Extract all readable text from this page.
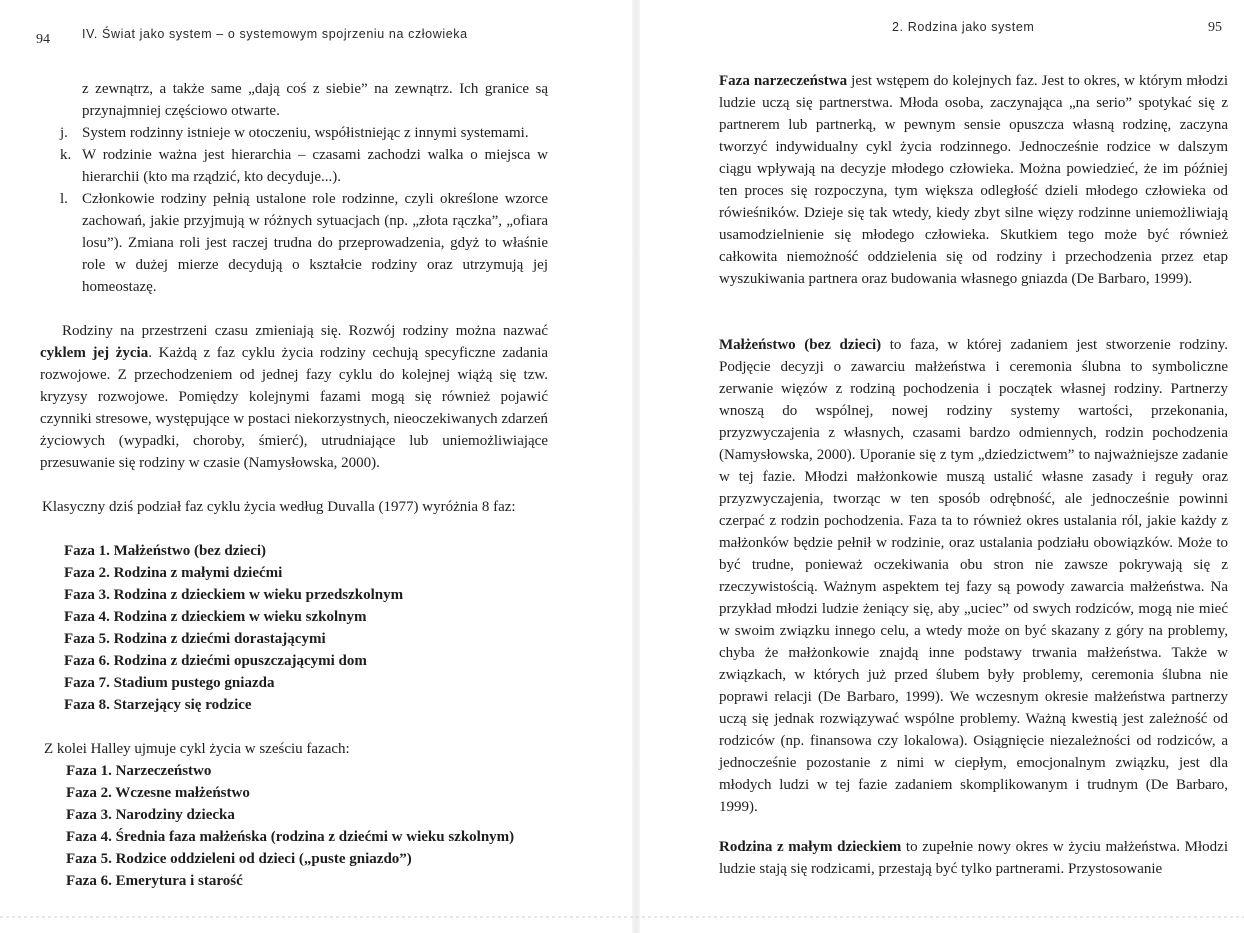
94	IV. Świat jako system – o systemowym spojrzeniu na człowieka
z zewnątrz, a także same „dają coś z siebie” na zewnątrz. Ich granice są przynajmniej częściowo otwarte.
j. System rodzinny istnieje w otoczeniu, współistniejąc z innymi systemami.
k. W rodzinie ważna jest hierarchia – czasami zachodzi walka o miejsca w hierarchii (kto ma rządzić, kto decyduje...).
l. Członkowie rodziny pełnią ustalone role rodzinne, czyli określone wzorce zachowań, jakie przyjmują w różnych sytuacjach (np. „złota rączka”, „ofiara losu”). Zmiana roli jest raczej trudna do przeprowadzenia, gdyż to właśnie role w dużej mierze decydują o kształcie rodziny oraz utrzymują jej homeostazę.

Rodziny na przestrzeni czasu zmieniają się. Rozwój rodziny można nazwać cyklem jej życia. Każdą z faz cyklu życia rodziny cechują specyficzne zadania rozwojowe. Z przechodzeniem od jednej fazy cyklu do kolejnej wiążą się tzw. kryzysy rozwojowe. Pomiędzy kolejnymi fazami mogą się również pojawić czynniki stresowe, występujące w postaci niekorzystnych, nieoczekiwanych zdarzeń życiowych (wypadki, choroby, śmierć), utrudniające lub uniemożliwiające przesuwanie się rodziny w czasie (Namysłowska, 2000).

Klasyczny dziś podział faz cyklu życia według Duvalla (1977) wyróżnia 8 faz:

Faza 1. Małżeństwo (bez dzieci)
Faza 2. Rodzina z małymi dziećmi
Faza 3. Rodzina z dzieckiem w wieku przedszkolnym
Faza 4. Rodzina z dzieckiem w wieku szkolnym
Faza 5. Rodzina z dziećmi dorastającymi
Faza 6. Rodzina z dziećmi opuszczającymi dom
Faza 7. Stadium pustego gniazda
Faza 8. Starzejący się rodzice

Z kolei Halley ujmuje cykl życia w sześciu fazach:

Faza 1. Narzeczeństwo
Faza 2. Wczesne małżeństwo
Faza 3. Narodziny dziecka
Faza 4. Średnia faza małżeńska (rodzina z dziećmi w wieku szkolnym)
Faza 5. Rodzice oddzieleni od dzieci („puste gniazdo”)
Faza 6. Emerytura i starość
2. Rodzina jako system	95

Faza narzeczeństwa jest wstępem do kolejnych faz. Jest to okres, w którym młodzi ludzie uczą się partnerstwa. Młoda osoba, zaczynająca „na serio” spotykać się z partnerem lub partnerką, w pewnym sensie opuszcza własną rodzinę, zaczyna tworzyć indywidualny cykl życia rodzinnego. Jednocześnie rodzice w dalszym ciągu wpływają na decyzje młodego człowieka. Można powiedzieć, że im później ten proces się rozpoczyna, tym większa odległość dzieli młodego człowieka od rówieśników. Dzieje się tak wtedy, kiedy zbyt silne więzy rodzinne uniemożliwiają usamodzielnienie się młodego człowieka. Skutkiem tego może być również całkowita niemożność oddzielenia się od rodziny i przechodzenia przez etap wyszukiwania partnera oraz budowania własnego gniazda (De Barbaro, 1999).

Małżeństwo (bez dzieci) to faza, w której zadaniem jest stworzenie rodziny. Podjęcie decyzji o zawarciu małżeństwa i ceremonia ślubna to symboliczne zerwanie więzów z rodziną pochodzenia i początek własnej rodziny. Partnerzy wnoszą do wspólnej, nowej rodziny systemy wartości, przekonania, przyzwyczajenia z własnych, czasami bardzo odmiennych, rodzin pochodzenia (Namysłowska, 2000). Uporanie się z tym „dziedzictwem” to najważniejsze zadanie w tej fazie. Młodzi małżonkowie muszą ustalić własne zasady i reguły oraz przyzwyczajenia, tworząc w ten sposób odrębność, ale jednocześnie powinni czerpać z rodzin pochodzenia. Faza ta to również okres ustalania ról, jakie każdy z małżonków będzie pełnił w rodzinie, oraz ustalania podziału obowiązków. Może to być trudne, ponieważ oczekiwania obu stron nie zawsze pokrywają się z rzeczywistością. Ważnym aspektem tej fazy są powody zawarcia małżeństwa. Na przykład młodzi ludzie żeniący się, aby „uciec” od swych rodziców, mogą nie mieć w swoim związku innego celu, a wtedy może on być skazany z góry na problemy, chyba że małżonkowie znajdą inne podstawy trwania małżeństwa. Także w związkach, w których już przed ślubem były problemy, ceremonia ślubna nie poprawi relacji (De Barbaro, 1999). We wczesnym okresie małżeństwa partnerzy uczą się jednak rozwiązywać wspólne problemy. Ważną kwestią jest zależność od rodziców (np. finansowa czy lokalowa). Osiągnięcie niezależności od rodziców, a jednocześnie pozostanie z nimi w ciepłym, emocjonalnym związku, jest dla młodych ludzi w tej fazie zadaniem skomplikowanym i trudnym (De Barbaro, 1999).

Rodzina z małym dzieckiem to zupełnie nowy okres w życiu małżeństwa. Młodzi ludzie stają się rodzicami, przestają być tylko partnerami. Przystosowanie
